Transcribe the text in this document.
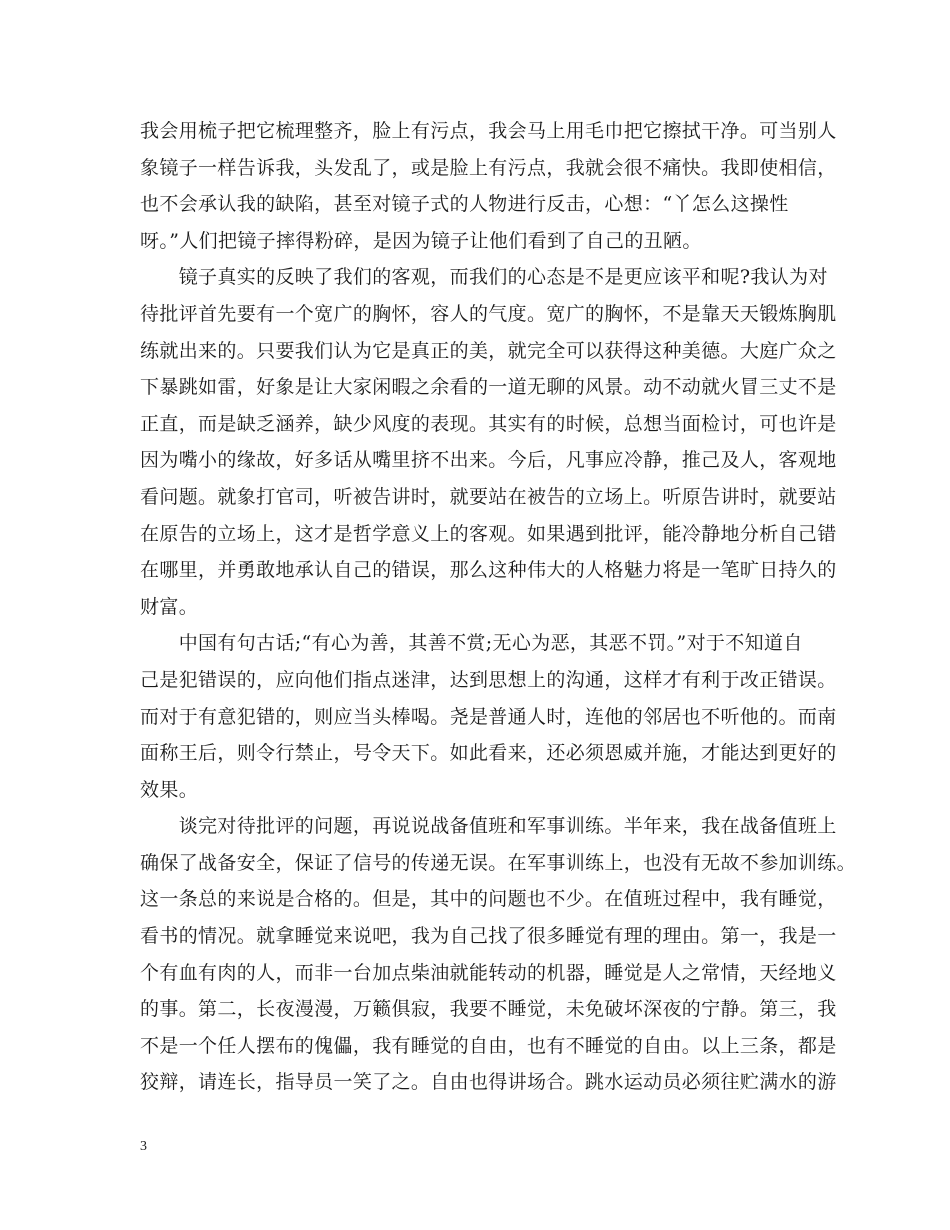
我会用梳子把它梳理整齐，脸上有污点，我会马上用毛巾把它擦拭干净。可当别人
象镜子一样告诉我，头发乱了，或是脸上有污点，我就会很不痛快。我即使相信，
也不会承认我的缺陷，甚至对镜子式的人物进行反击，心想：“丫怎么这操性
呀。”人们把镜子摔得粉碎，是因为镜子让他们看到了自己的丑陋。
　　镜子真实的反映了我们的客观，而我们的心态是不是更应该平和呢?我认为对
待批评首先要有一个宽广的胸怀，容人的气度。宽广的胸怀，不是靠天天锻炼胸肌
练就出来的。只要我们认为它是真正的美，就完全可以获得这种美德。大庭广众之
下暴跳如雷，好象是让大家闲暇之余看的一道无聊的风景。动不动就火冒三丈不是
正直，而是缺乏涵养，缺少风度的表现。其实有的时候，总想当面检讨，可也许是
因为嘴小的缘故，好多话从嘴里挤不出来。今后，凡事应冷静，推己及人，客观地
看问题。就象打官司，听被告讲时，就要站在被告的立场上。听原告讲时，就要站
在原告的立场上，这才是哲学意义上的客观。如果遇到批评，能冷静地分析自己错
在哪里，并勇敢地承认自己的错误，那么这种伟大的人格魅力将是一笔旷日持久的
财富。
　　中国有句古话;“有心为善，其善不赏;无心为恶，其恶不罚。”对于不知道自
己是犯错误的，应向他们指点迷津，达到思想上的沟通，这样才有利于改正错误。
而对于有意犯错的，则应当头棒喝。尧是普通人时，连他的邻居也不听他的。而南
面称王后，则令行禁止，号令天下。如此看来，还必须恩威并施，才能达到更好的
效果。
　　谈完对待批评的问题，再说说战备值班和军事训练。半年来，我在战备值班上
确保了战备安全，保证了信号的传递无误。在军事训练上，也没有无故不参加训练。
这一条总的来说是合格的。但是，其中的问题也不少。在值班过程中，我有睡觉，
看书的情况。就拿睡觉来说吧，我为自己找了很多睡觉有理的理由。第一，我是一
个有血有肉的人，而非一台加点柴油就能转动的机器，睡觉是人之常情，天经地义
的事。第二，长夜漫漫，万籁俱寂，我要不睡觉，未免破坏深夜的宁静。第三，我
不是一个任人摆布的傀儡，我有睡觉的自由，也有不睡觉的自由。以上三条，都是
狡辩，请连长，指导员一笑了之。自由也得讲场合。跳水运动员必须往贮满水的游
3
